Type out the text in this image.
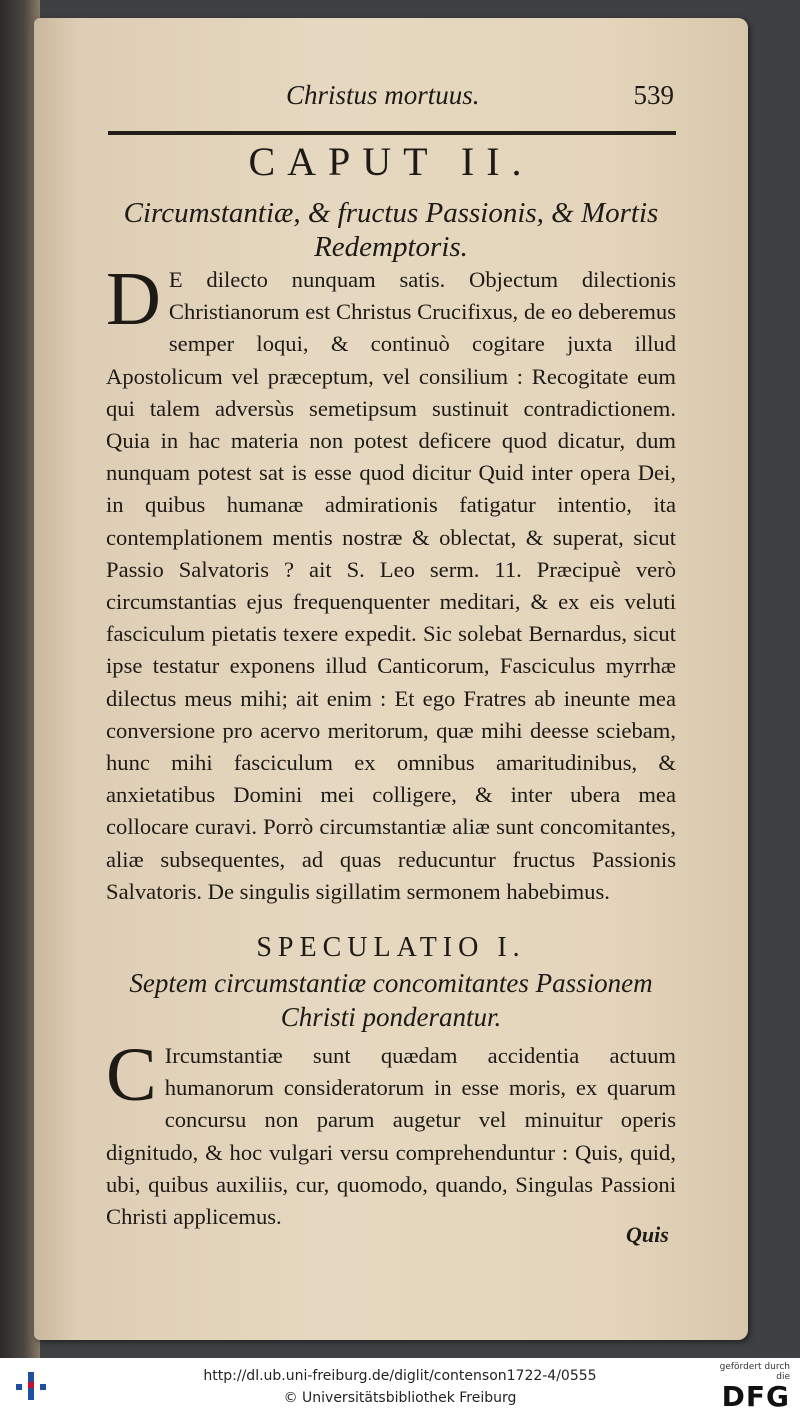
Christus mortuus.	539
CAPUT II.
Circumstantiæ, & fructus Passionis, & Mortis Redemptoris.
D E dilecto nunquam satis. Objectum dilectionis Christianorum est Christus Crucifixus, de eo deberemus semper loqui, & continuò cogitare juxta illud Apostolicum vel præceptum, vel consilium : Recogitate eum qui talem adversùs semetipsum sustinuit contradictionem. Quia in hac materia non potest deficere quod dicatur, dum nunquam potest sat is esse quod dicitur Quid inter opera Dei, in quibus humanæ admirationis fatigatur intentio, ita contemplationem mentis nostræ & oblectat, & superat, sicut Passio Salvatoris ? ait S. Leo serm. 11. Præcipuè verò circumstantias ejus frequenquenter meditari, & ex eis veluti fasciculum pietatis texere expedit. Sic solebat Bernardus, sicut ipse testatur exponens illud Canticorum, Fasciculus myrrhæ dilectus meus mihi; ait enim : Et ego Fratres ab ineunte mea conversione pro acervo meritorum, quæ mihi deesse sciebam, hunc mihi fasciculum ex omnibus amaritudinibus, & anxietatibus Domini mei colligere, & inter ubera mea collocare curavi. Porrò circumstantiæ aliæ sunt concomitantes, aliæ subsequentes, ad quas reducuntur fructus Passionis Salvatoris. De singulis sigillatim sermonem habebimus.
SPECULATIO I.
Septem circumstantiæ concomitantes Passionem Christi ponderantur.
C Ircumstantiæ sunt quædam accidentia actuum humanorum consideratorum in esse moris, ex quarum concursu non parum augetur vel minuitur operis dignitudo, & hoc vulgari versu comprehenduntur : Quis, quid, ubi, quibus auxiliis, cur, quomodo, quando, Singulas Passioni Christi applicemus.
Quis
http://dl.ub.uni-freiburg.de/diglit/contenson1722-4/0555
© Universitätsbibliothek Freiburg
gefördert durch die
DFG
